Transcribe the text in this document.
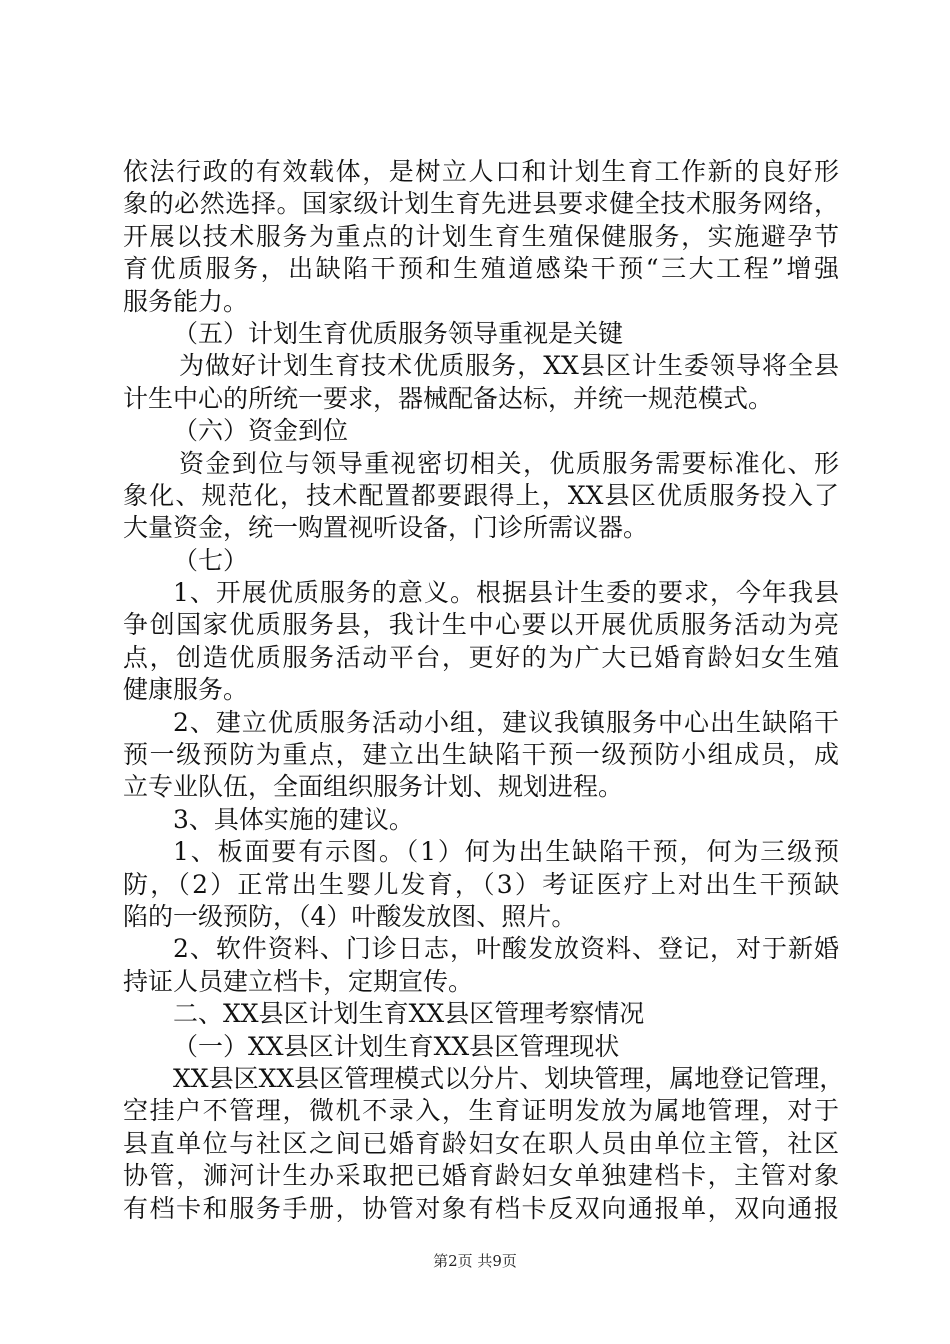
依法行政的有效载体，是树立人口和计划生育工作新的良好形
象的必然选择。国家级计划生育先进县要求健全技术服务网络，
开展以技术服务为重点的计划生育生殖保健服务，实施避孕节
育优质服务，出缺陷干预和生殖道感染干预“三大工程”增强
服务能力。
（五）计划生育优质服务领导重视是关键
为做好计划生育技术优质服务，XX县区计生委领导将全县
计生中心的所统一要求，器械配备达标，并统一规范模式。
（六）资金到位
资金到位与领导重视密切相关，优质服务需要标准化、形
象化、规范化，技术配置都要跟得上，XX县区优质服务投入了
大量资金，统一购置视听设备，门诊所需议器。
（七）
1、开展优质服务的意义。根据县计生委的要求，今年我县
争创国家优质服务县，我计生中心要以开展优质服务活动为亮
点，创造优质服务活动平台，更好的为广大已婚育龄妇女生殖
健康服务。
2、建立优质服务活动小组，建议我镇服务中心出生缺陷干
预一级预防为重点，建立出生缺陷干预一级预防小组成员，成
立专业队伍，全面组织服务计划、规划进程。
3、具体实施的建议。
1、板面要有示图。（1）何为出生缺陷干预，何为三级预
防，（2）正常出生婴儿发育，（3）考证医疗上对出生干预缺
陷的一级预防，（4）叶酸发放图、照片。
2、软件资料、门诊日志，叶酸发放资料、登记，对于新婚
持证人员建立档卡，定期宣传。
二、XX县区计划生育XX县区管理考察情况
（一）XX县区计划生育XX县区管理现状
XX县区XX县区管理模式以分片、划块管理，属地登记管理，
空挂户不管理，微机不录入，生育证明发放为属地管理，对于
县直单位与社区之间已婚育龄妇女在职人员由单位主管，社区
协管，浉河计生办采取把已婚育龄妇女单独建档卡，主管对象
有档卡和服务手册，协管对象有档卡反双向通报单，双向通报
第2页 共9页
